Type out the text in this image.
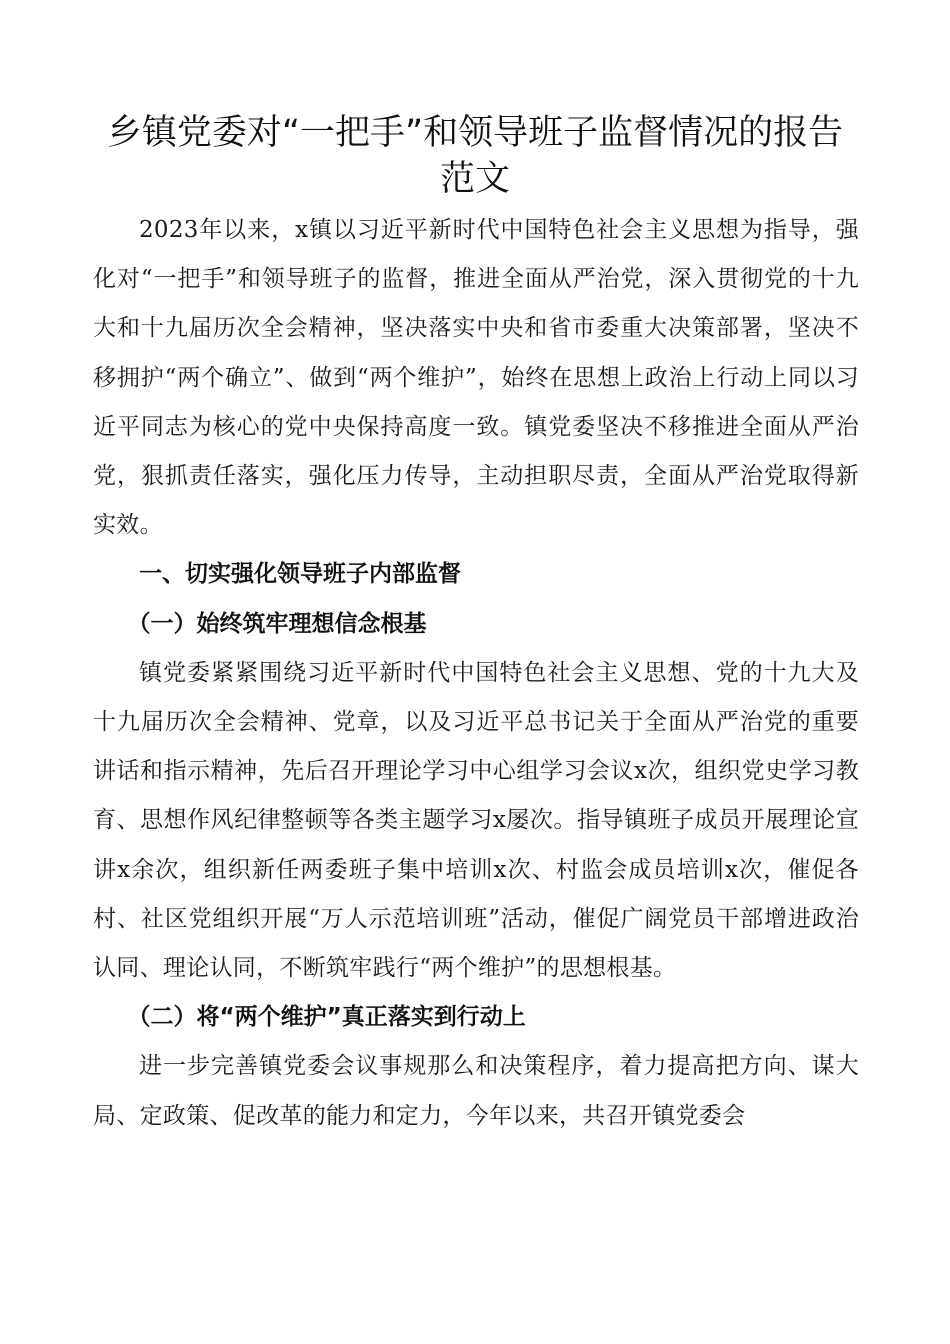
乡镇党委对“一把手”和领导班子监督情况的报告范文

2023年以来，x镇以习近平新时代中国特色社会主义思想为指导，强化对“一把手”和领导班子的监督，推进全面从严治党，深入贯彻党的十九大和十九届历次全会精神，坚决落实中央和省市委重大决策部署，坚决不移拥护“两个确立”、做到“两个维护”，始终在思想上政治上行动上同以习近平同志为核心的党中央保持高度一致。镇党委坚决不移推进全面从严治党，狠抓责任落实，强化压力传导，主动担职尽责，全面从严治党取得新实效。

一、切实强化领导班子内部监督

（一）始终筑牢理想信念根基

镇党委紧紧围绕习近平新时代中国特色社会主义思想、党的十九大及十九届历次全会精神、党章，以及习近平总书记关于全面从严治党的重要讲话和指示精神，先后召开理论学习中心组学习会议x次，组织党史学习教育、思想作风纪律整顿等各类主题学习x屡次。指导镇班子成员开展理论宣讲x余次，组织新任两委班子集中培训x次、村监会成员培训x次，催促各村、社区党组织开展“万人示范培训班”活动，催促广阔党员干部增进政治认同、理论认同，不断筑牢践行“两个维护”的思想根基。

（二）将“两个维护”真正落实到行动上

进一步完善镇党委会议事规那么和决策程序，着力提高把方向、谋大局、定政策、促改革的能力和定力，今年以来，共召开镇党委会
